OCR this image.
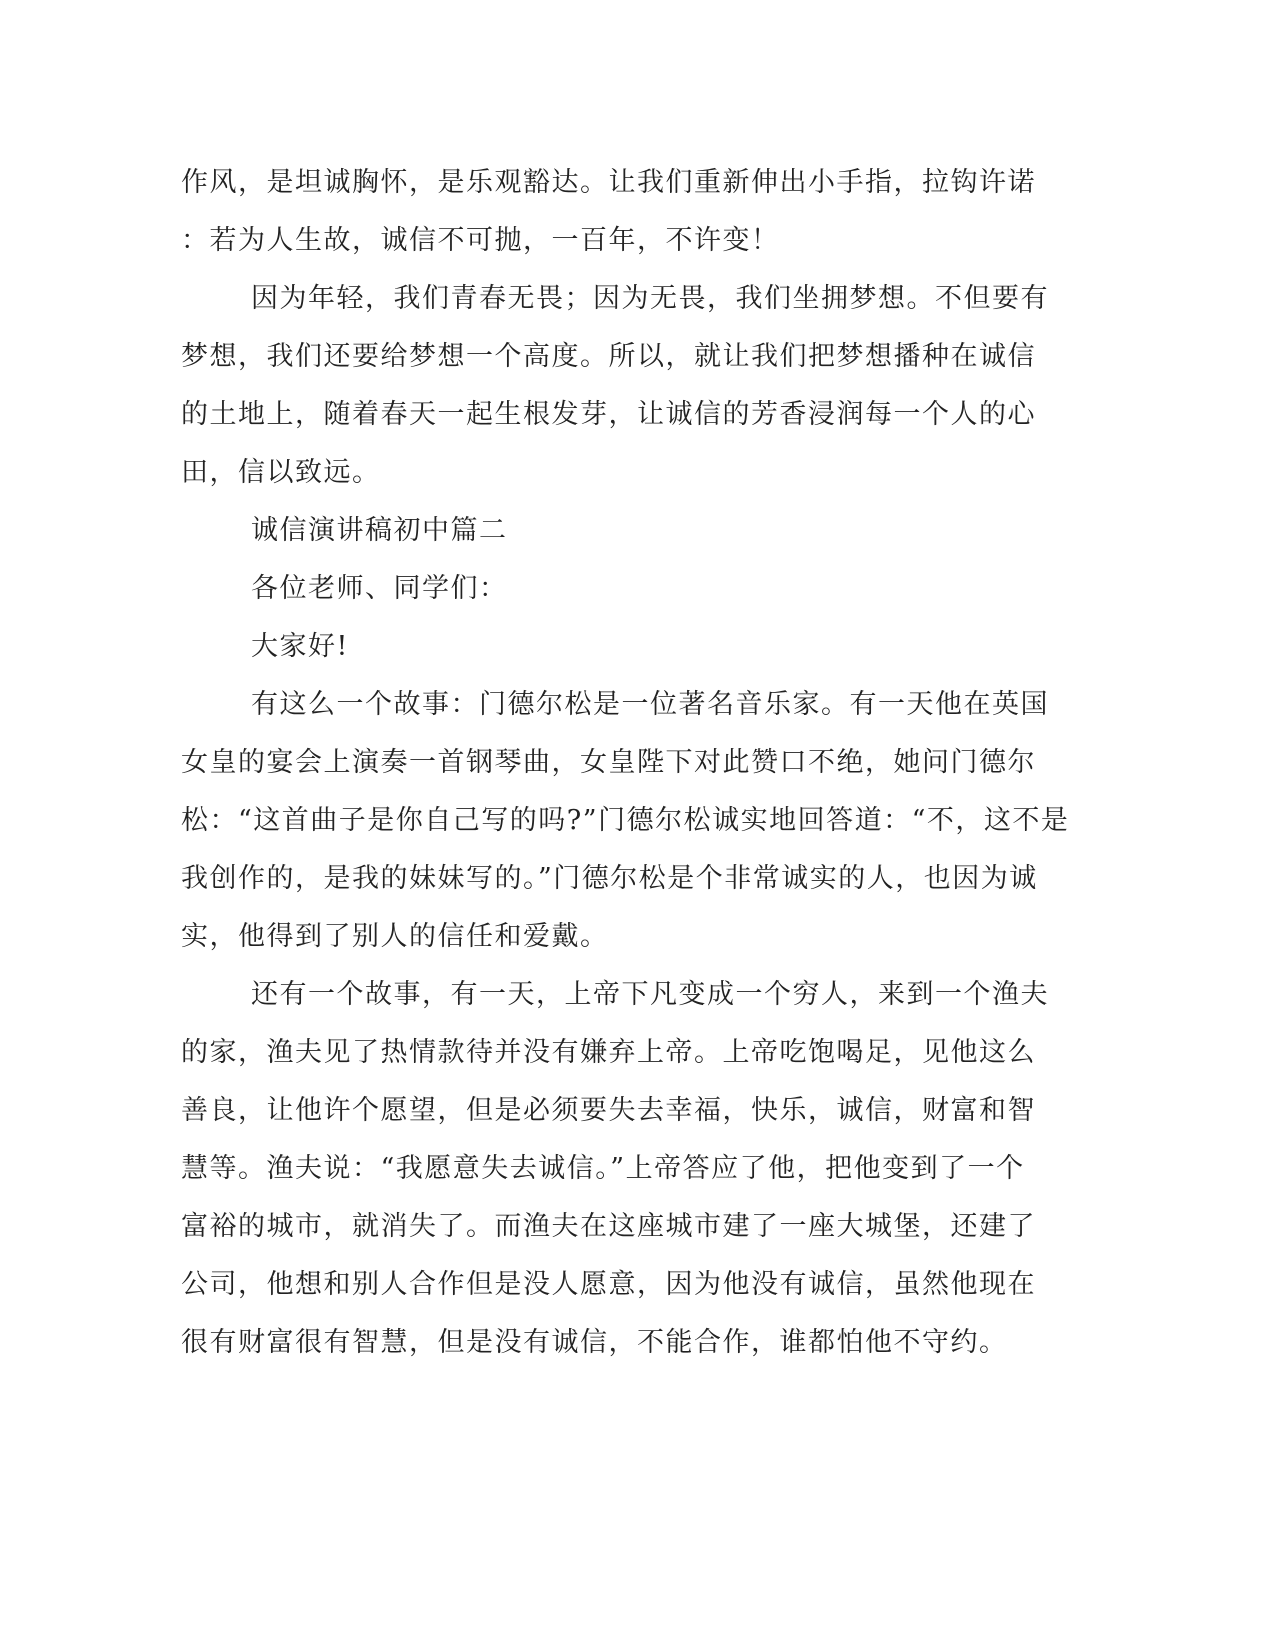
作风，是坦诚胸怀，是乐观豁达。让我们重新伸出小手指，拉钩许诺
：若为人生故，诚信不可抛，一百年，不许变！
因为年轻，我们青春无畏；因为无畏，我们坐拥梦想。不但要有
梦想，我们还要给梦想一个高度。所以，就让我们把梦想播种在诚信
的土地上，随着春天一起生根发芽，让诚信的芳香浸润每一个人的心
田，信以致远。
诚信演讲稿初中篇二
各位老师、同学们：
大家好!
有这么一个故事：门德尔松是一位著名音乐家。有一天他在英国
女皇的宴会上演奏一首钢琴曲，女皇陛下对此赞口不绝，她问门德尔
松：“这首曲子是你自己写的吗?”门德尔松诚实地回答道：“不，这不是
我创作的，是我的妹妹写的。”门德尔松是个非常诚实的人，也因为诚
实，他得到了别人的信任和爱戴。
还有一个故事，有一天，上帝下凡变成一个穷人，来到一个渔夫
的家，渔夫见了热情款待并没有嫌弃上帝。上帝吃饱喝足，见他这么
善良，让他许个愿望，但是必须要失去幸福，快乐，诚信，财富和智
慧等。渔夫说：“我愿意失去诚信。”上帝答应了他，把他变到了一个
富裕的城市，就消失了。而渔夫在这座城市建了一座大城堡，还建了
公司，他想和别人合作但是没人愿意，因为他没有诚信，虽然他现在
很有财富很有智慧，但是没有诚信，不能合作，谁都怕他不守约。
